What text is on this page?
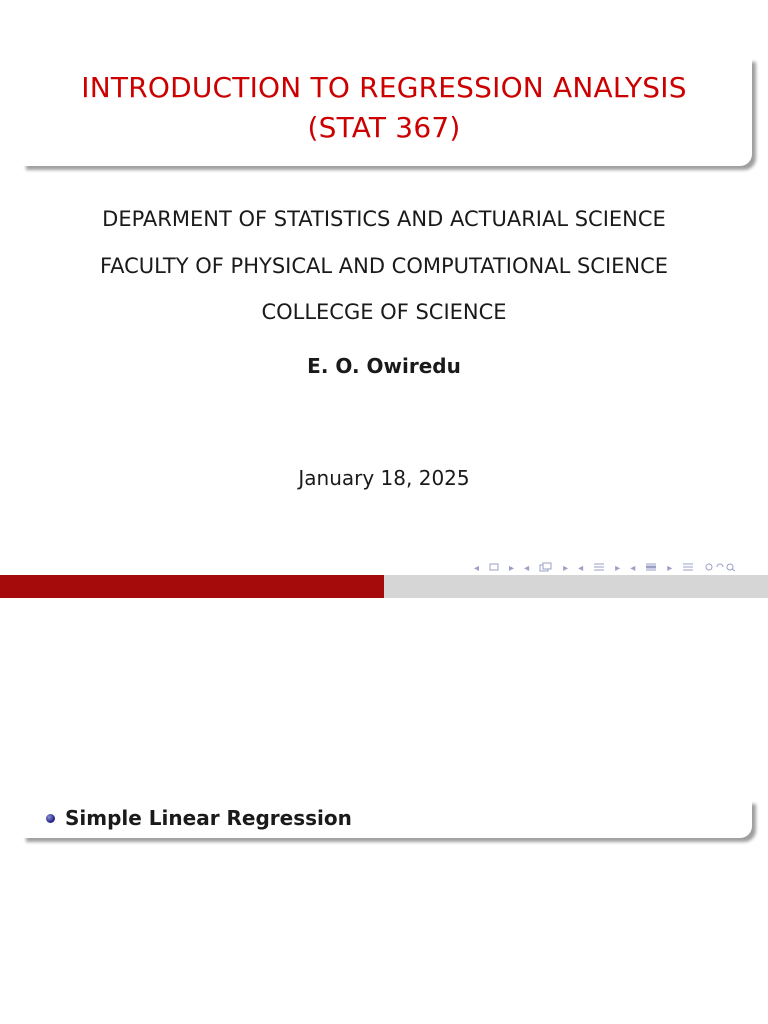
INTRODUCTION TO REGRESSION ANALYSIS
(STAT 367)
DEPARMENT OF STATISTICS AND ACTUARIAL SCIENCE
FACULTY OF PHYSICAL AND COMPUTATIONAL SCIENCE
COLLECGE OF SCIENCE
E. O. Owiredu
January 18, 2025
◂	▸ ◂	▸ ◂	▸ ◂	▸
Simple Linear Regression
